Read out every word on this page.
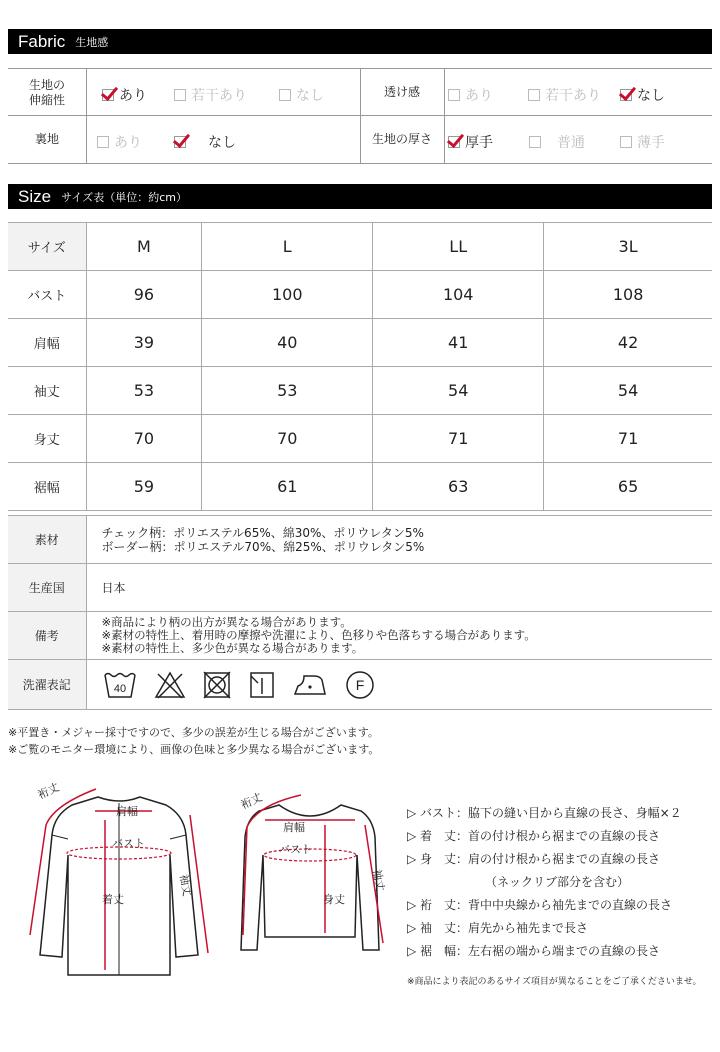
Fabric 生地感
生地の
伸縮性	あり	若干あり	なし	透け感	あり	若干あり	なし
裏地	あり	なし	生地の厚さ 厚手	普通	薄手
Size サイズ表（単位：約cm）
サイズ	M	L	LL	3L
バスト	96	100	104	108
肩幅	39	40	41	42
袖丈	53	53	54	54
身丈	70	70	71	71
裾幅	59	61	63	65
素材	チェック柄：ポリエステル65%、綿30%、ポリウレタン5%
ボーダー柄：ポリエステル70%、綿25%、ポリウレタン5%

生産国	日本
備考	※商品により柄の出方が異なる場合があります。
※素材の特性上、着用時の摩擦や洗濯により、色移りや色落ちする場合があります。
※素材の特性上、多少色が異なる場合があります。

洗濯表記	40 F
※平置き・メジャー採寸ですので、多少の誤差が生じる場合がございます。
※ご覧のモニター環境により、画像の色味と多少異なる場合がございます。
肩幅
バスト
着丈
裄丈
袖丈
肩幅
バスト
身丈
裄丈
袖丈
▷ バスト：脇下の縫い目から直線の長さ、身幅×２
▷ 着　丈：首の付け根から裾までの直線の長さ
▷ 身　丈：肩の付け根から裾までの直線の長さ
（ネックリブ部分を含む）
▷ 裄　丈：背中中央線から袖先までの直線の長さ
▷ 袖　丈：肩先から袖先まで長さ
▷ 裾　幅：左右裾の端から端までの直線の長さ
※商品により表記のあるサイズ項目が異なることをご了承くださいませ。
